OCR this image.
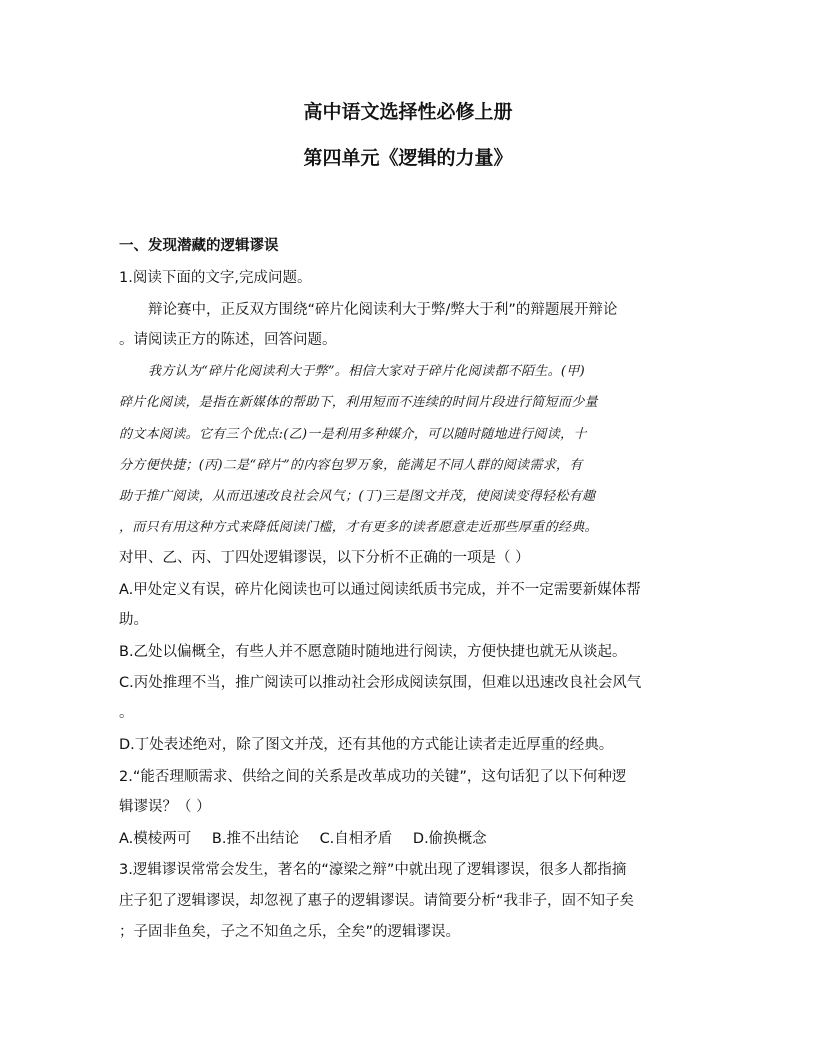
高中语文选择性必修上册
第四单元《逻辑的力量》
一、发现潜藏的逻辑谬误
1.阅读下面的文字,完成问题。
辩论赛中，正反双方围绕“碎片化阅读利大于弊/弊大于利”的辩题展开辩论
。请阅读正方的陈述，回答问题。
我方认为“碎片化阅读利大于弊”。相信大家对于碎片化阅读都不陌生。(甲)
碎片化阅读，是指在新媒体的帮助下，利用短而不连续的时间片段进行简短而少量
的文本阅读。它有三个优点:(乙)一是利用多种媒介，可以随时随地进行阅读，十
分方便快捷；(丙)二是“碎片”的内容包罗万象，能满足不同人群的阅读需求，有
助于推广阅读，从而迅速改良社会风气；(丁)三是图文并茂，使阅读变得轻松有趣
，而只有用这种方式来降低阅读门槛，才有更多的读者愿意走近那些厚重的经典。
对甲、乙、丙、丁四处逻辑谬误，以下分析不正确的一项是（ ）
A.甲处定义有误，碎片化阅读也可以通过阅读纸质书完成，并不一定需要新媒体帮
助。
B.乙处以偏概全，有些人并不愿意随时随地进行阅读，方便快捷也就无从谈起。
C.丙处推理不当，推广阅读可以推动社会形成阅读氛围，但难以迅速改良社会风气
。
D.丁处表述绝对，除了图文并茂，还有其他的方式能让读者走近厚重的经典。
2.“能否理顺需求、供给之间的关系是改革成功的关键”，这句话犯了以下何种逻
辑谬误？（ ）
A.模棱两可 B.推不出结论 C.自相矛盾 D.偷换概念
3.逻辑谬误常常会发生，著名的“濠梁之辩”中就出现了逻辑谬误，很多人都指摘
庄子犯了逻辑谬误，却忽视了惠子的逻辑谬误。请简要分析“我非子，固不知子矣
；子固非鱼矣，子之不知鱼之乐，全矣”的逻辑谬误。
